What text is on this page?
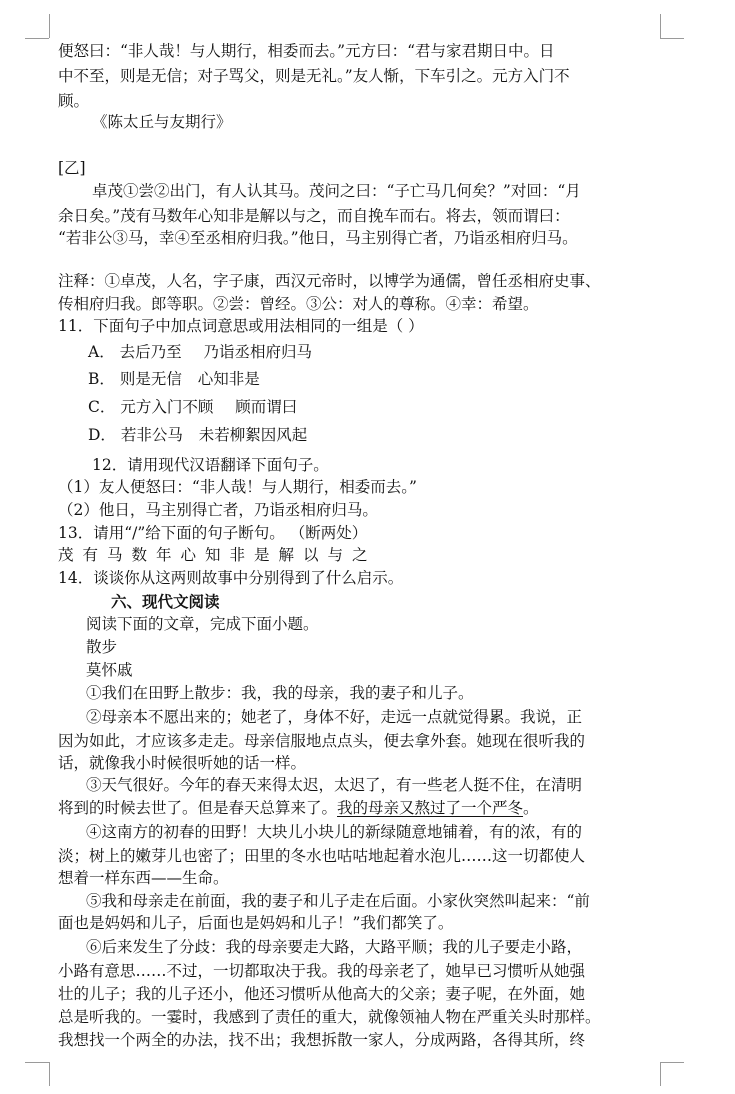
便怒曰：“非人哉！与人期行，相委而去。”元方曰：“君与家君期日中。日
中不至，则是无信；对子骂父，则是无礼。”友人惭，下车引之。元方入门不
顾。
《陈太丘与友期行》
[乙]
卓茂①尝②出门，有人认其马。茂问之曰：“子亡马几何矣？”对回：“月
余日矣。”茂有马数年心知非是解以与之，而自挽车而右。将去，领而谓曰：
“若非公③马，幸④至丞相府归我。”他日，马主别得亡者，乃诣丞相府归马。
注释：①卓茂，人名，字子康，西汉元帝时，以博学为通儒，曾任丞相府史事、
传相府归我。郎等职。②尝：曾经。③公：对人的尊称。④幸：希望。
11．下面句子中加点词意思或用法相同的一组是（ ）
A． 去后乃至 乃诣丞相府归马
B． 则是无信 心知非是
C． 元方入门不顾 顾而谓曰
D． 若非公马 未若柳絮因风起
12．请用现代汉语翻译下面句子。
（1）友人便怒曰：“非人哉！与人期行，相委而去。”
（2）他日，马主别得亡者，乃诣丞相府归马。
13．请用“/”给下面的句子断句。 （断两处）
茂有马数年心知非是解以与之
14．谈谈你从这两则故事中分别得到了什么启示。
六、现代文阅读
阅读下面的文章，完成下面小题。
散步
莫怀戚
①我们在田野上散步：我，我的母亲，我的妻子和儿子。
②母亲本不愿出来的；她老了，身体不好，走远一点就觉得累。我说，正
因为如此，才应该多走走。母亲信服地点点头，便去拿外套。她现在很听我的
话，就像我小时候很听她的话一样。
③天气很好。今年的春天来得太迟，太迟了，有一些老人挺不住，在清明
将到的时候去世了。但是春天总算来了。我的母亲又熬过了一个严冬。
④这南方的初春的田野！大块儿小块儿的新绿随意地铺着，有的浓，有的
淡；树上的嫩芽儿也密了；田里的冬水也咕咕地起着水泡儿……这一切都使人
想着一样东西——生命。
⑤我和母亲走在前面，我的妻子和儿子走在后面。小家伙突然叫起来：“前
面也是妈妈和儿子，后面也是妈妈和儿子！”我们都笑了。
⑥后来发生了分歧：我的母亲要走大路，大路平顺；我的儿子要走小路，
小路有意思……不过，一切都取决于我。我的母亲老了，她早已习惯听从她强
壮的儿子；我的儿子还小，他还习惯听从他高大的父亲；妻子呢，在外面，她
总是听我的。一霎时，我感到了责任的重大，就像领袖人物在严重关头时那样。
我想找一个两全的办法，找不出；我想拆散一家人，分成两路，各得其所，终
